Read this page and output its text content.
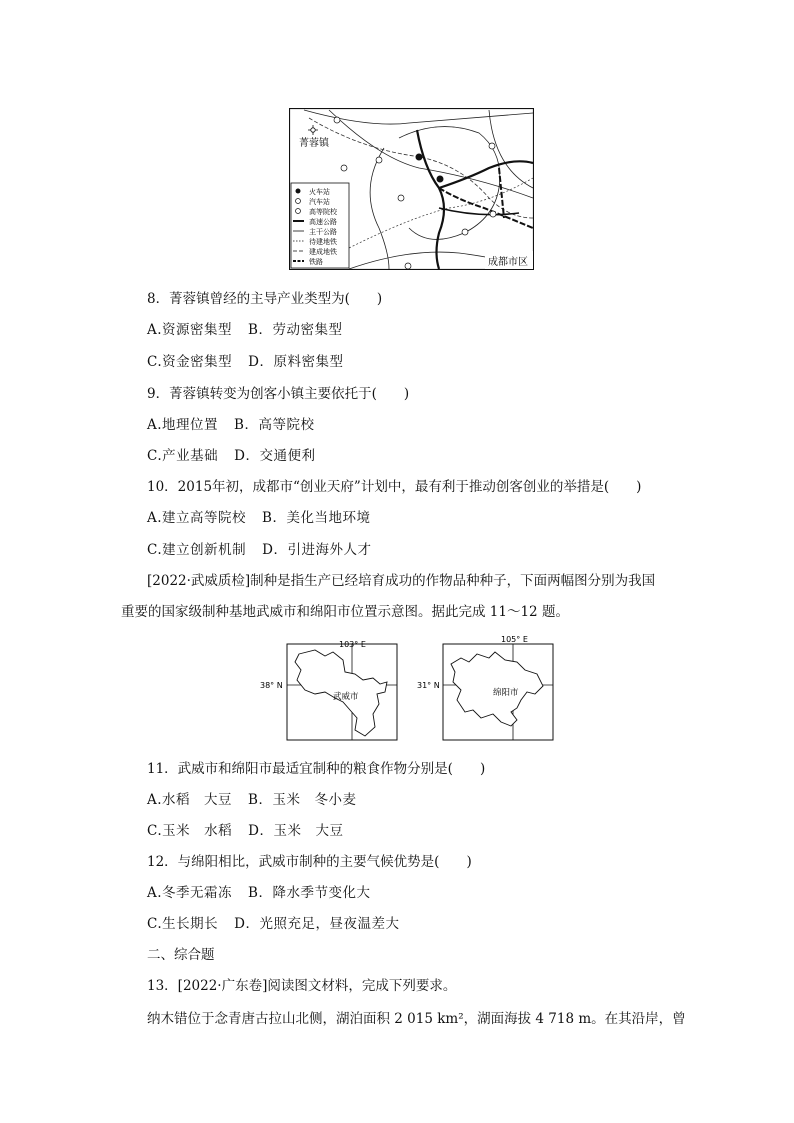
菁蓉镇
火车站
汽车站
高等院校
高速公路
主干公路
待建地铁
建成地铁
铁路	成都市区
8．菁蓉镇曾经的主导产业类型为(　　)
A.资源密集型 B．劳动密集型
C.资金密集型 D．原料密集型
9．菁蓉镇转变为创客小镇主要依托于(　　)
A.地理位置 B．高等院校
C.产业基础 D．交通便利
10．2015年初，成都市“创业天府”计划中，最有利于推动创客创业的举措是(　　)
A.建立高等院校 B．美化当地环境
C.建立创新机制 D．引进海外人才
[2022·武威质检]制种是指生产已经培育成功的作物品种种子，下面两幅图分别为我国
重要的国家级制种基地武威市和绵阳市位置示意图。据此完成 11～12 题。
103° E
38° N
武威市
105° E
31° N
绵阳市
11．武威市和绵阳市最适宜制种的粮食作物分别是(　　)
A.水稻　大豆 B．玉米　冬小麦
C.玉米　水稻 D．玉米　大豆
12．与绵阳相比，武威市制种的主要气候优势是(　　)
A.冬季无霜冻 B．降水季节变化大
C.生长期长 D．光照充足，昼夜温差大
二、综合题
13．[2022·广东卷]阅读图文材料，完成下列要求。
纳木错位于念青唐古拉山北侧，湖泊面积 2 015 km²，湖面海拔 4 718 m。在其沿岸，曾
